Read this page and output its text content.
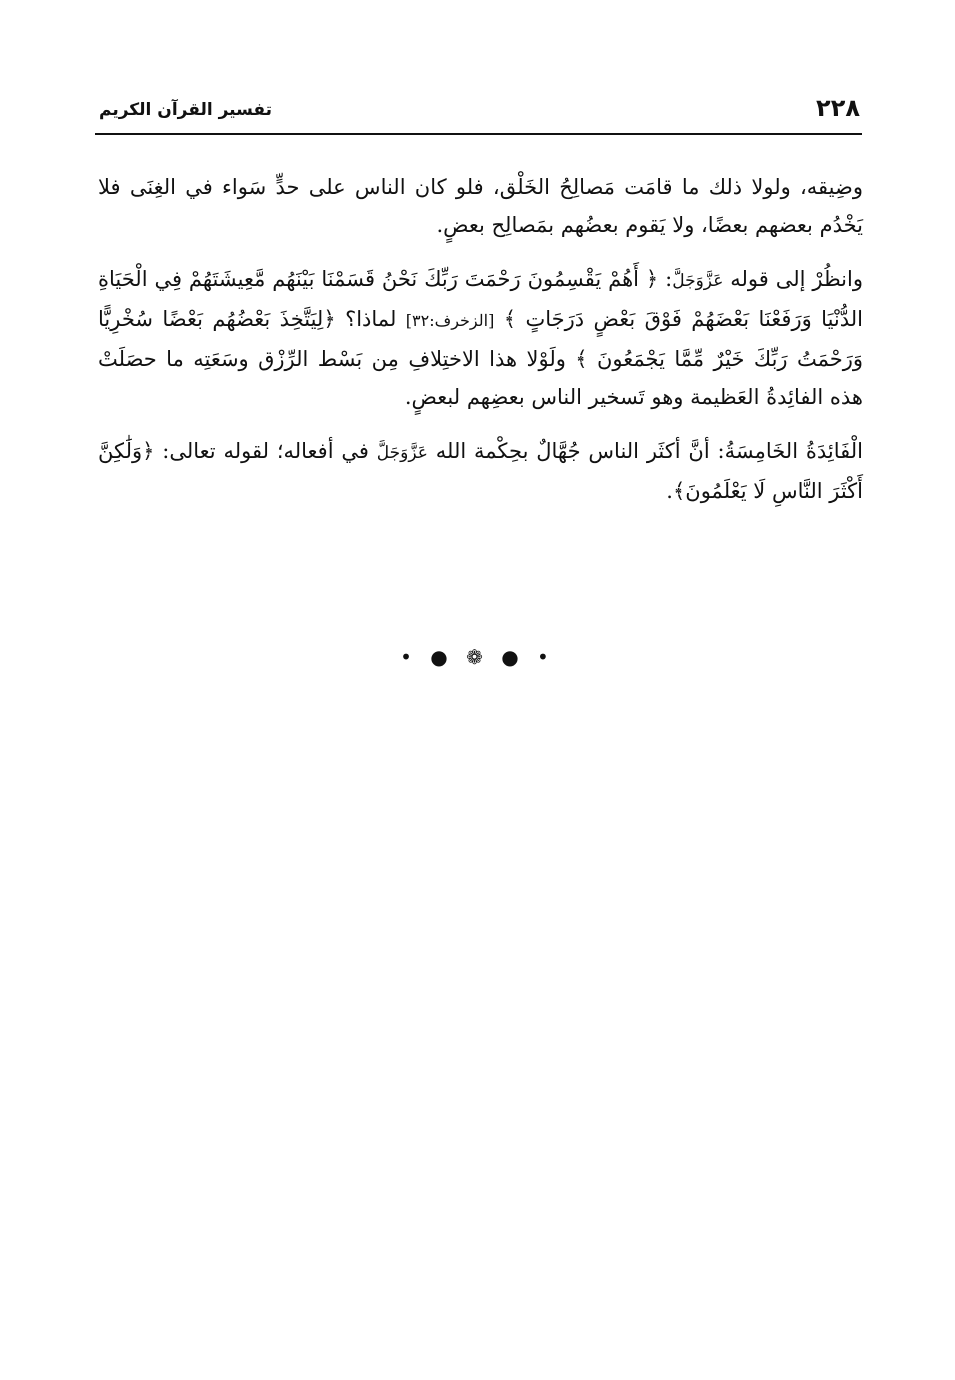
تفسير القرآن الكريم	٢٢٨

وضِيقه، ولولا ذلك ما قامَت مَصالِحُ الخَلْق، فلو كان الناس على حدٍّ سَواء في الغِنَى فلا يَخْدُم بعضهم بعضًا، ولا يَقوم بعضُهم بمَصالِح بعضٍ.

وانظُرْ إلى قوله عَزَّوَجَلَّ: ﴿ أَهُمْ يَقْسِمُونَ رَحْمَتَ رَبِّكَ نَحْنُ قَسَمْنَا بَيْنَهُم مَّعِيشَتَهُمْ فِي الْحَيَاةِ الدُّنْيَا وَرَفَعْنَا بَعْضَهُمْ فَوْقَ بَعْضٍ دَرَجَاتٍ ﴾ [الزخرف:٣٢] لماذا؟ ﴿لِيَتَّخِذَ بَعْضُهُم بَعْضًا سُخْرِيًّا وَرَحْمَتُ رَبِّكَ خَيْرٌ مِّمَّا يَجْمَعُونَ ﴾ ولَوْلا هذا الاختِلافِ مِن بَسْط الرِّزْق وسَعَتِه ما حصَلَتْ هذه الفائِدةُ العَظيمة وهو تَسخير الناس بعضِهم لبعضٍ.

الْفَائِدَةُ الخَامِسَةُ: أنَّ أكثَر الناس جُهَّالٌ بحِكْمة الله عَزَّوَجَلَّ في أفعاله؛ لقوله تعالى: ﴿وَلَٰكِنَّ أَكْثَرَ النَّاسِ لَا يَعْلَمُونَ﴾.

• ● ❁ ● •
